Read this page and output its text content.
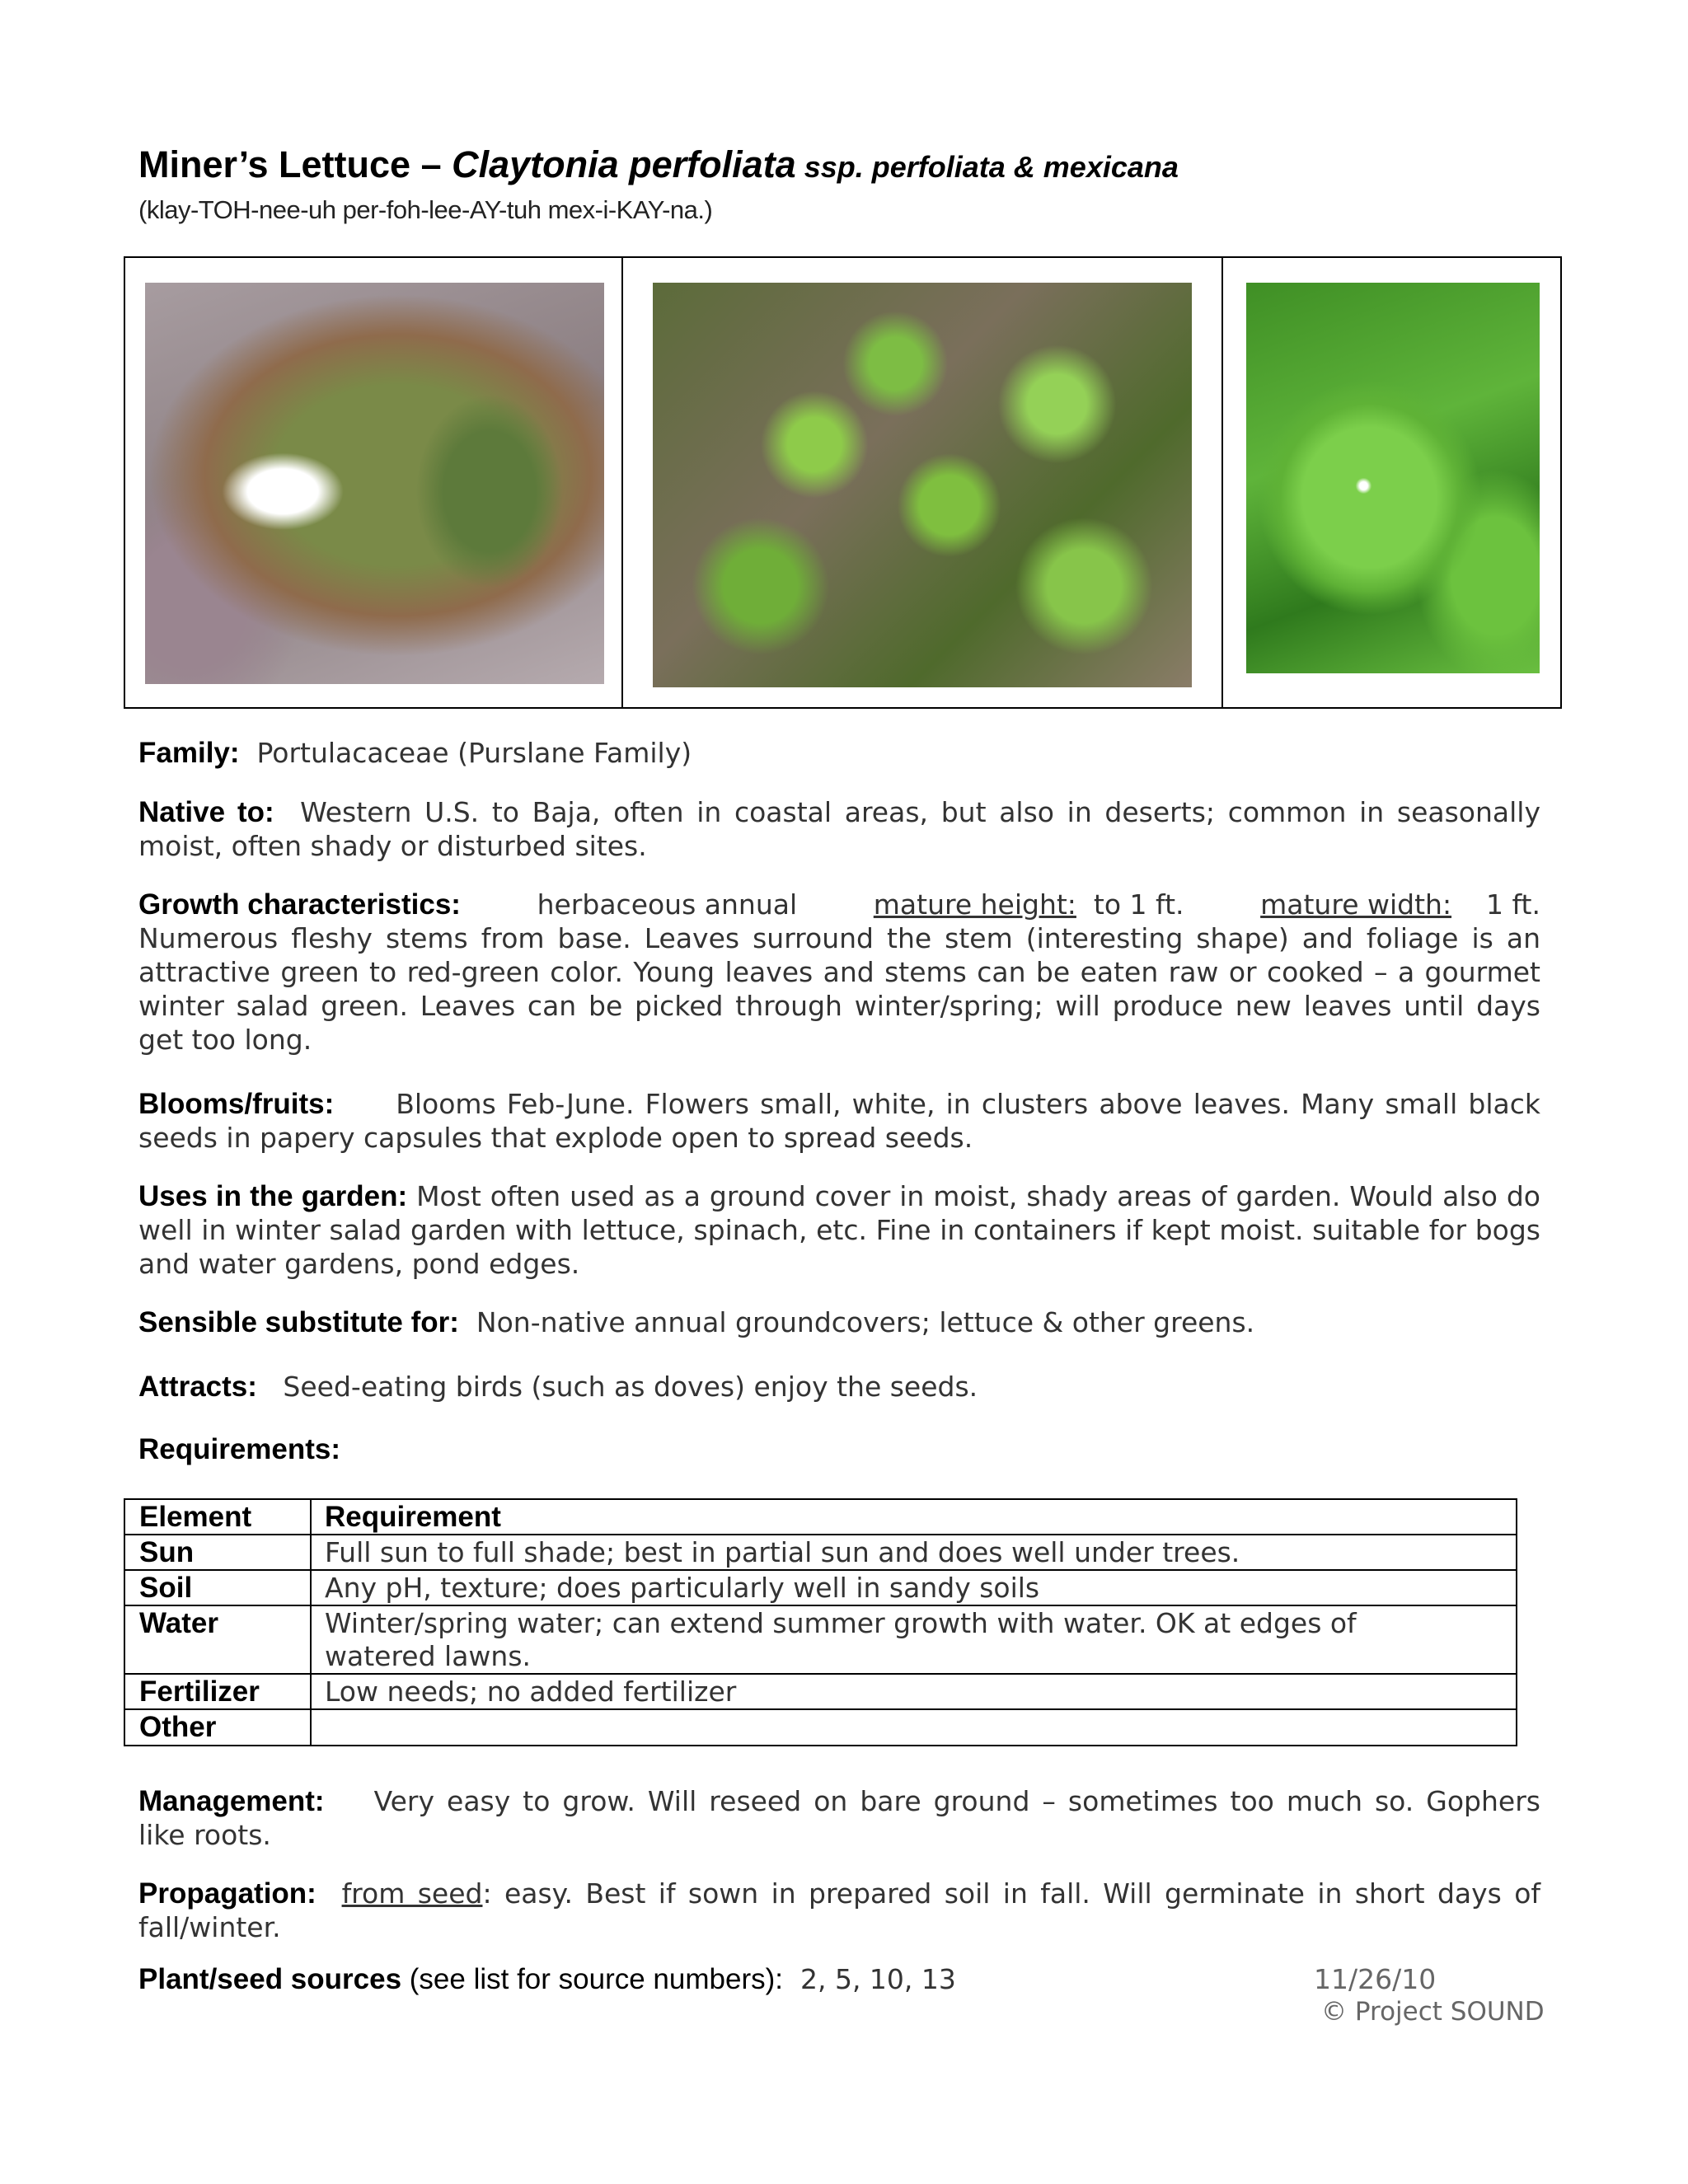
Miner’s Lettuce – Claytonia perfoliata ssp. perfoliata & mexicana
(klay-TOH-nee-uh per-foh-lee-AY-tuh mex-i-KAY-na.)
Family: Portulacaceae (Purslane Family)
Native to: Western U.S. to Baja, often in coastal areas, but also in deserts; common in seasonally moist, often shady or disturbed sites.
Growth characteristics:	herbaceous annual	mature height: to 1 ft.	mature width: 1 ft.
Numerous fleshy stems from base. Leaves surround the stem (interesting shape) and foliage is an attractive green to red-green color. Young leaves and stems can be eaten raw or cooked – a gourmet winter salad green. Leaves can be picked through winter/spring; will produce new leaves until days get too long.
Blooms/fruits: Blooms Feb-June. Flowers small, white, in clusters above leaves. Many small black seeds in papery capsules that explode open to spread seeds.
Uses in the garden: Most often used as a ground cover in moist, shady areas of garden. Would also do well in winter salad garden with lettuce, spinach, etc. Fine in containers if kept moist. suitable for bogs and water gardens, pond edges.
Sensible substitute for: Non-native annual groundcovers; lettuce & other greens.
Attracts: Seed-eating birds (such as doves) enjoy the seeds.
Requirements:
Element	Requirement
Sun	Full sun to full shade; best in partial sun and does well under trees.
Soil	Any pH, texture; does particularly well in sandy soils
Water	Winter/spring water; can extend summer growth with water. OK at edges of watered lawns.
Fertilizer	Low needs; no added fertilizer
Other	
Management: Very easy to grow. Will reseed on bare ground – sometimes too much so. Gophers like roots.
Propagation: from seed: easy. Best if sown in prepared soil in fall. Will germinate in short days of fall/winter.
Plant/seed sources (see list for source numbers): 2, 5, 10, 13	11/26/10
© Project SOUND
